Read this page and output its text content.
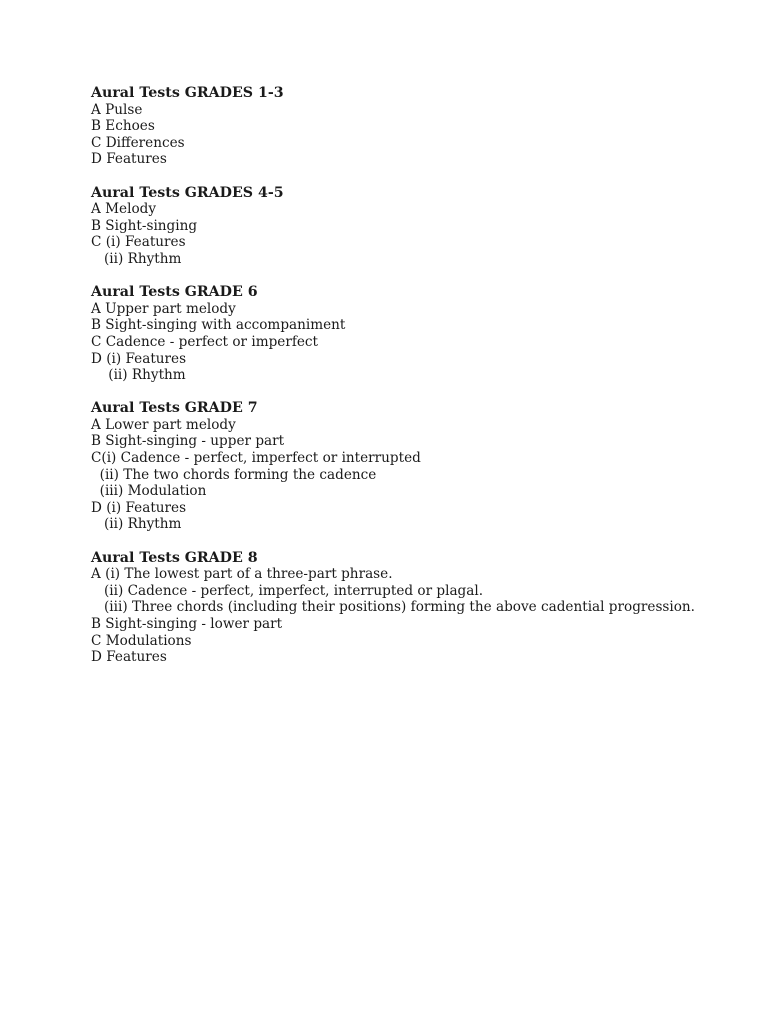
Aural Tests GRADES 1-3
A Pulse
B Echoes
C Differences
D Features
Aural Tests GRADES 4-5
A Melody
B Sight-singing
C (i) Features
(ii) Rhythm
Aural Tests GRADE 6
A Upper part melody
B Sight-singing with accompaniment
C Cadence - perfect or imperfect
D (i) Features
(ii) Rhythm
Aural Tests GRADE 7
A Lower part melody
B Sight-singing - upper part
C(i) Cadence - perfect, imperfect or interrupted
(ii) The two chords forming the cadence
(iii) Modulation
D (i) Features
(ii) Rhythm
Aural Tests GRADE 8
A (i) The lowest part of a three-part phrase.
(ii) Cadence - perfect, imperfect, interrupted or plagal.
(iii) Three chords (including their positions) forming the above cadential progression.
B Sight-singing - lower part
C Modulations
D Features
